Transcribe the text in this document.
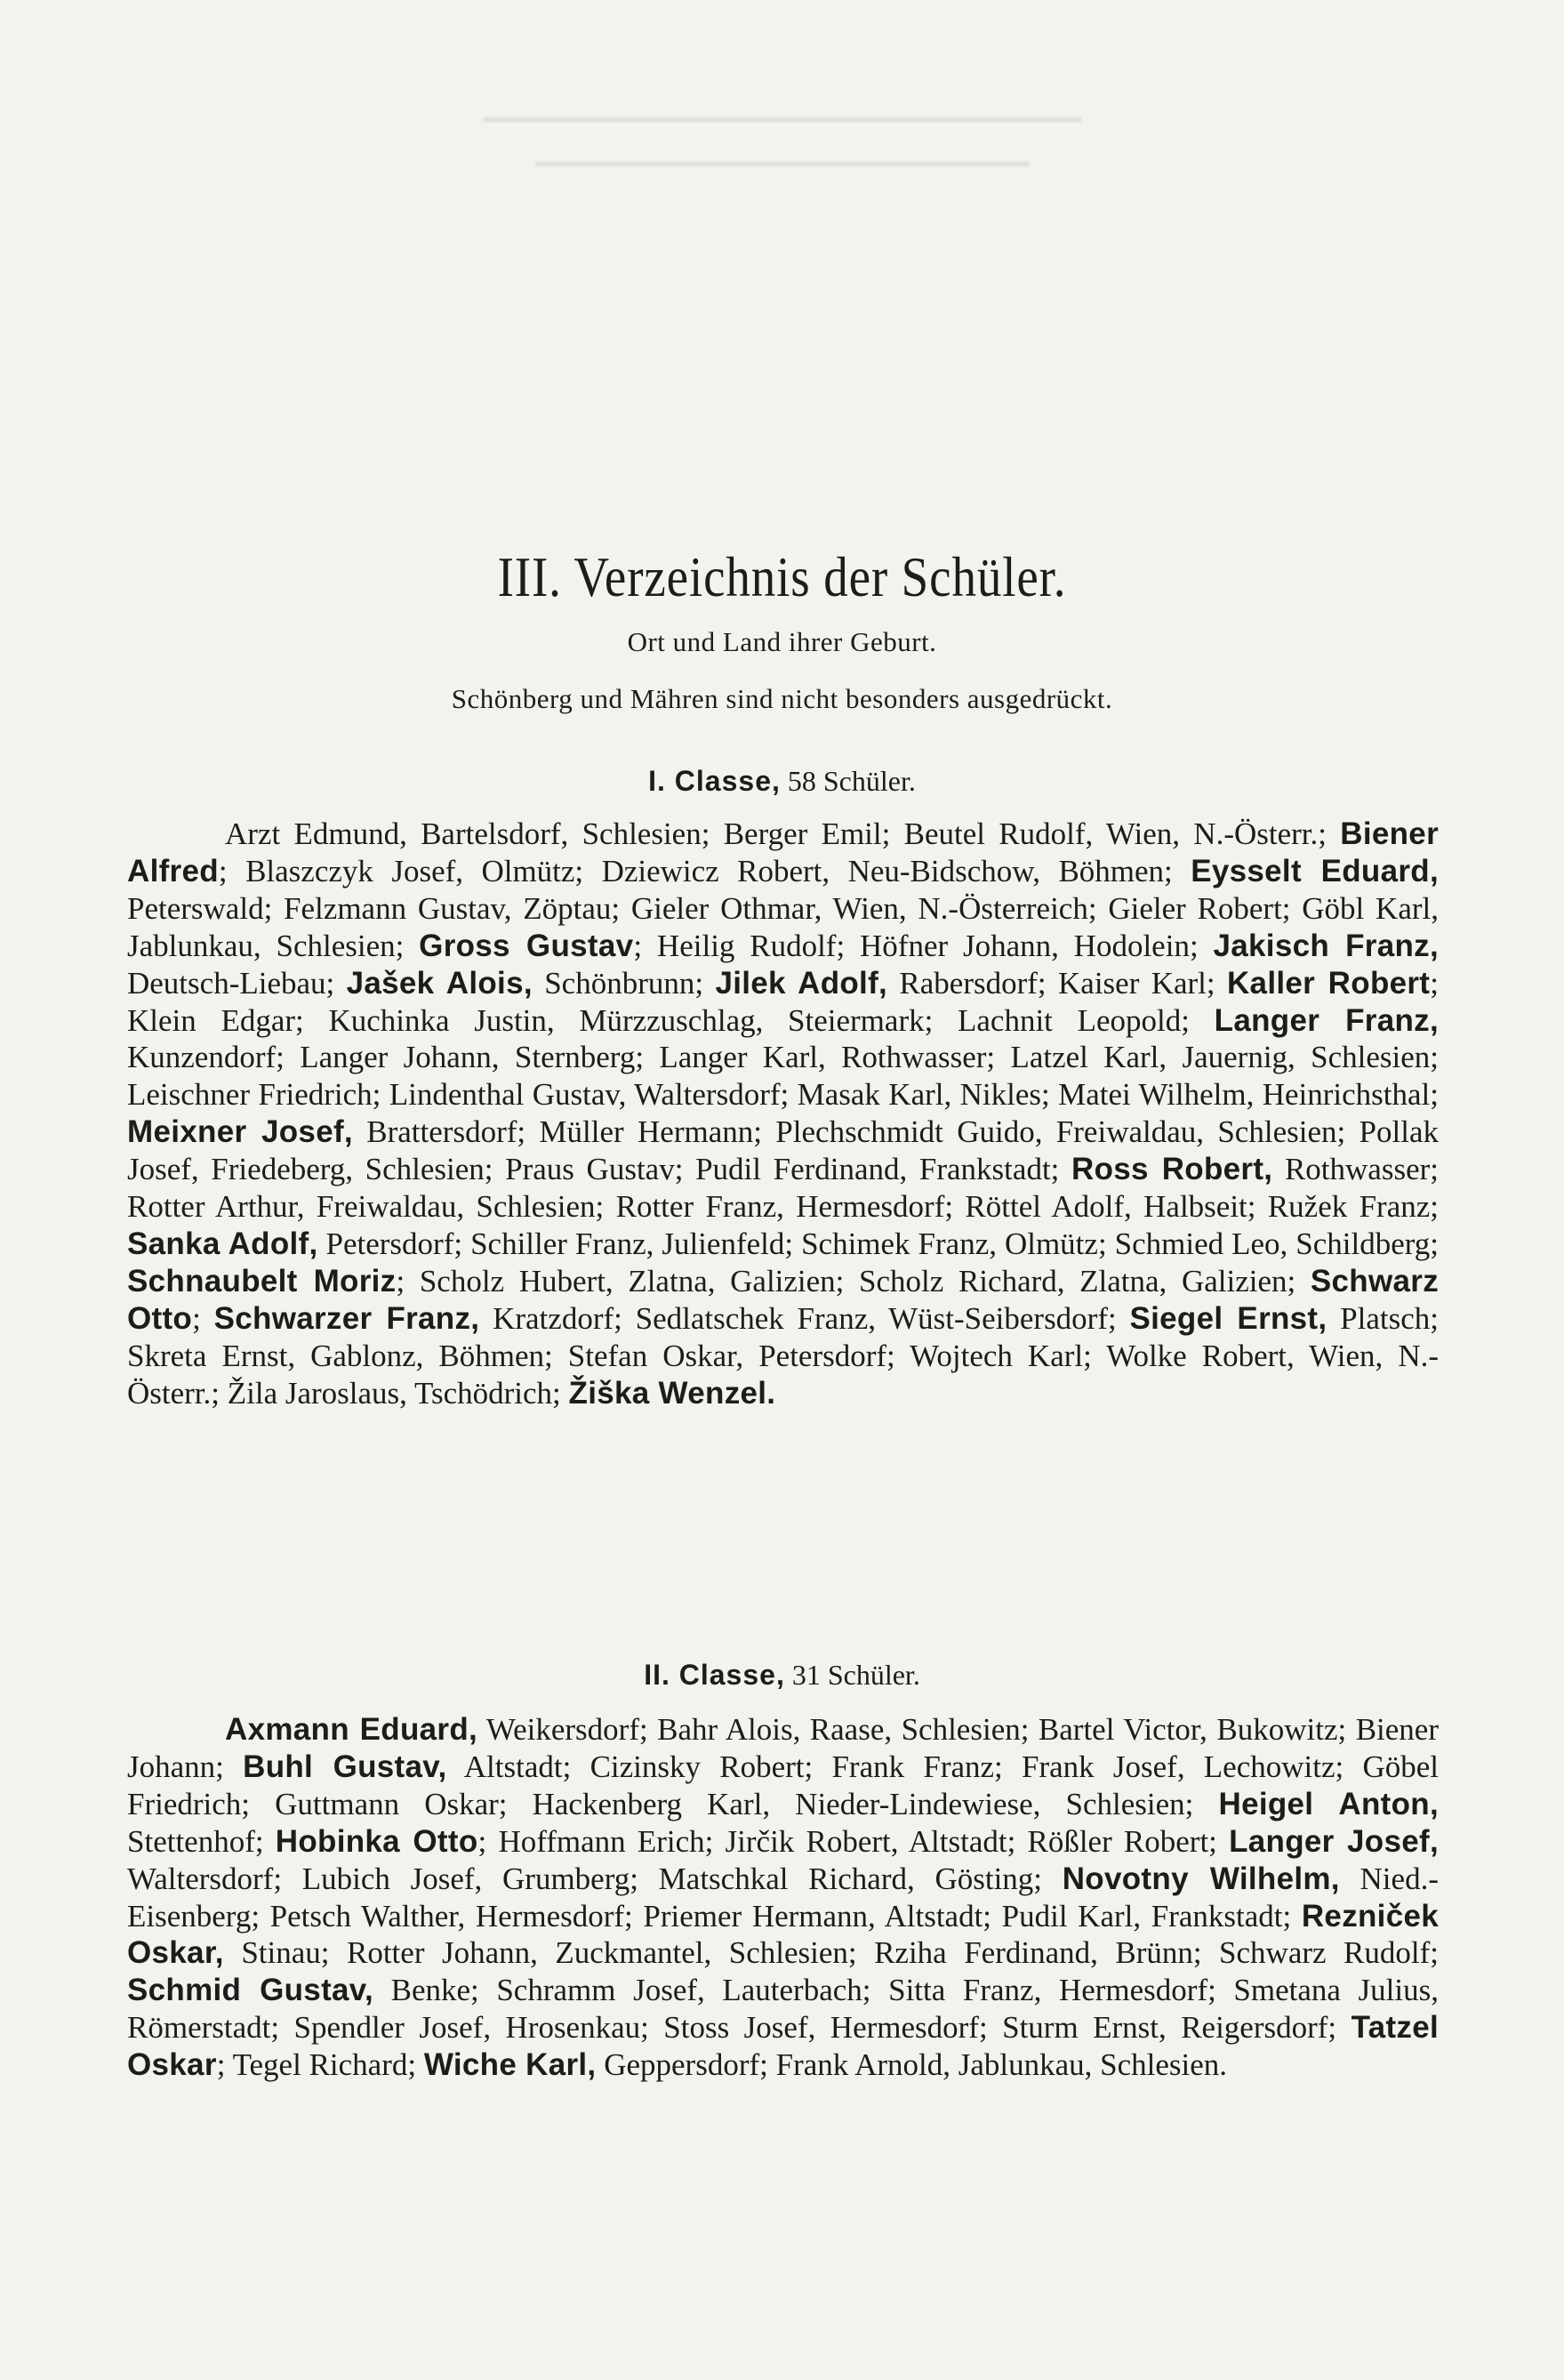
▔▔▔▔▔▔▔▔▔▔▔▔▔▔▔▔▔▔▔▔▔▔▔
▔▔▔▔▔▔▔▔▔▔▔▔▔▔▔▔▔▔▔
III. Verzeichnis der Schüler.
Ort und Land ihrer Geburt.
Schönberg und Mähren sind nicht besonders ausgedrückt.
I. Classe, 58 Schüler.
Arzt Edmund, Bartelsdorf, Schlesien; Berger Emil; Beutel Rudolf, Wien, N.-Österr.; Biener Alfred; Blaszczyk Josef, Olmütz; Dziewicz Robert, Neu-Bidschow, Böhmen; Eysselt Eduard, Peterswald; Felzmann Gustav, Zöptau; Gieler Othmar, Wien, N.-Österreich; Gieler Robert; Göbl Karl, Jablunkau, Schlesien; Gross Gustav; Heilig Rudolf; Höfner Johann, Hodolein; Jakisch Franz, Deutsch-Liebau; Jašek Alois, Schönbrunn; Jilek Adolf, Rabersdorf; Kaiser Karl; Kaller Robert; Klein Edgar; Kuchinka Justin, Mürzzuschlag, Steiermark; Lachnit Leopold; Langer Franz, Kunzendorf; Langer Johann, Sternberg; Langer Karl, Rothwasser; Latzel Karl, Jauernig, Schlesien; Leischner Friedrich; Lindenthal Gustav, Waltersdorf; Masak Karl, Nikles; Matei Wilhelm, Heinrichsthal; Meixner Josef, Brattersdorf; Müller Hermann; Plechschmidt Guido, Freiwaldau, Schlesien; Pollak Josef, Friedeberg, Schlesien; Praus Gustav; Pudil Ferdinand, Frankstadt; Ross Robert, Rothwasser; Rotter Arthur, Freiwaldau, Schlesien; Rotter Franz, Hermesdorf; Röttel Adolf, Halbseit; Ružek Franz; Sanka Adolf, Petersdorf; Schiller Franz, Julienfeld; Schimek Franz, Olmütz; Schmied Leo, Schildberg; Schnaubelt Moriz; Scholz Hubert, Zlatna, Galizien; Scholz Richard, Zlatna, Galizien; Schwarz Otto; Schwarzer Franz, Kratzdorf; Sedlatschek Franz, Wüst-Seibersdorf; Siegel Ernst, Platsch; Skreta Ernst, Gablonz, Böhmen; Stefan Oskar, Petersdorf; Wojtech Karl; Wolke Robert, Wien, N.-Österr.; Žila Jaroslaus, Tschödrich; Žiška Wenzel.
II. Classe, 31 Schüler.
Axmann Eduard, Weikersdorf; Bahr Alois, Raase, Schlesien; Bartel Victor, Bukowitz; Biener Johann; Buhl Gustav, Altstadt; Cizinsky Robert; Frank Franz; Frank Josef, Lechowitz; Göbel Friedrich; Guttmann Oskar; Hackenberg Karl, Nieder-Lindewiese, Schlesien; Heigel Anton, Stettenhof; Hobinka Otto; Hoffmann Erich; Jirčik Robert, Altstadt; Rößler Robert; Langer Josef, Waltersdorf; Lubich Josef, Grumberg; Matschkal Richard, Gösting; Novotny Wilhelm, Nied.-Eisenberg; Petsch Walther, Hermesdorf; Priemer Hermann, Altstadt; Pudil Karl, Frankstadt; Rezniček Oskar, Stinau; Rotter Johann, Zuckmantel, Schlesien; Rziha Ferdinand, Brünn; Schwarz Rudolf; Schmid Gustav, Benke; Schramm Josef, Lauterbach; Sitta Franz, Hermesdorf; Smetana Julius, Römerstadt; Spendler Josef, Hrosenkau; Stoss Josef, Hermesdorf; Sturm Ernst, Reigersdorf; Tatzel Oskar; Tegel Richard; Wiche Karl, Geppersdorf; Frank Arnold, Jablunkau, Schlesien.
